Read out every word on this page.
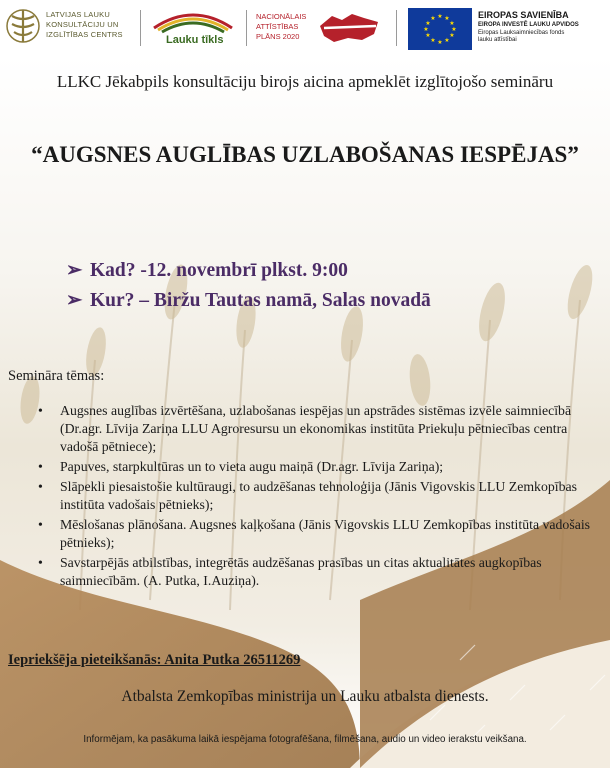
LATVIJAS LAUKU
KONSULTĀCIJU UN
IZGLĪTĪBAS CENTRS	Lauku tīkls
NACIONĀLAIS
ATTĪSTĪBAS
PLĀNS 2020
★ ★
★
★
★
★
★
★
★
★
★
★	EIROPAS SAVIENĪBA
EIROPA INVESTĒ LAUKU APVIDOS
Eiropas Lauksaimniecības fonds
lauku attīstībai
LLKC Jēkabpils konsultāciju birojs aicina apmeklēt izglītojošo semināru
“AUGSNES AUGLĪBAS UZLABOŠANAS IESPĒJAS”
➢ Kad? -12. novembrī plkst. 9:00
➢ Kur? – Biržu Tautas namā, Salas novadā
Semināra tēmas:
• Augsnes auglības izvērtēšana, uzlabošanas iespējas un apstrādes sistēmas izvēle saimniecībā (Dr.agr. Līvija Zariņa LLU Agroresursu un ekonomikas institūta Priekuļu pētniecības centra vadošā pētniece);
• Papuves, starpkultūras un to vieta augu maiņā (Dr.agr. Līvija Zariņa);
• Slāpekli piesaistošie kultūraugi, to audzēšanas tehnoloģija (Jānis Vigovskis LLU Zemkopības institūta vadošais pētnieks);
• Mēslošanas plānošana. Augsnes kaļķošana (Jānis Vigovskis LLU Zemkopības institūta vadošais pētnieks);
• Savstarpējās atbilstības, integrētās audzēšanas prasības un citas aktualitātes augkopības saimniecībām. (A. Putka, I.Auziņa).
Iepriekšēja pieteikšanās: Anita Putka 26511269
Atbalsta Zemkopības ministrija un Lauku atbalsta dienests.
Informējam, ka pasākuma laikā iespējama fotografēšana, filmēšana, audio un video ierakstu veikšana.
